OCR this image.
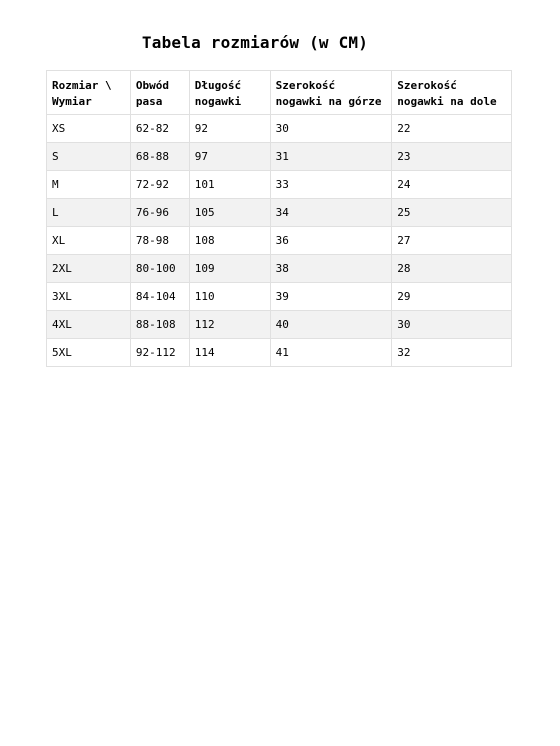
Tabela rozmiarów (w CM)
Rozmiar \ Wymiar	Obwód pasa	Długość nogawki	Szerokość nogawki na górze	Szerokość nogawki na dole
XS	62-82	92	30	22
S	68-88	97	31	23
M	72-92	101	33	24
L	76-96	105	34	25
XL	78-98	108	36	27
2XL	80-100	109	38	28
3XL	84-104	110	39	29
4XL	88-108	112	40	30
5XL	92-112	114	41	32
